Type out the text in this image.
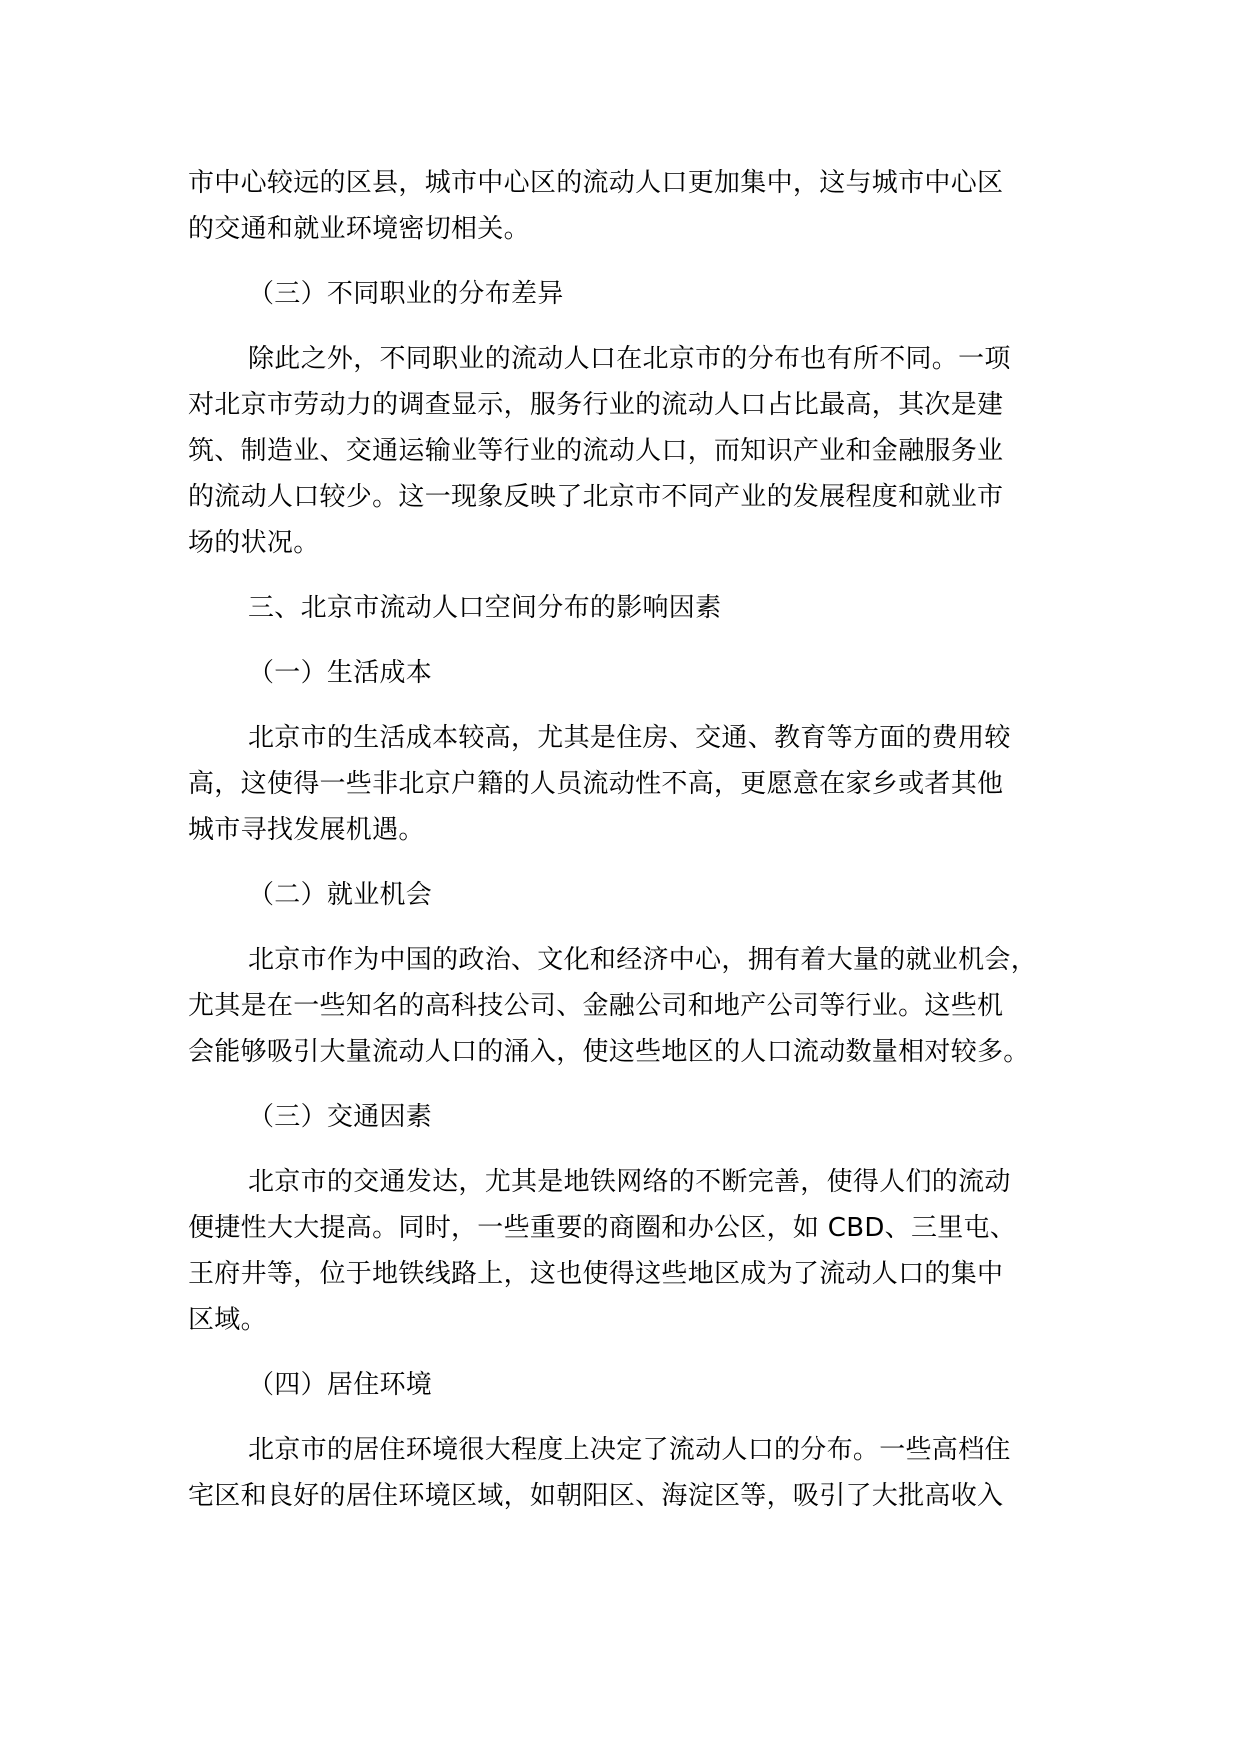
市中心较远的区县，城市中心区的流动人口更加集中，这与城市中心区
的交通和就业环境密切相关。
（三）不同职业的分布差异
除此之外，不同职业的流动人口在北京市的分布也有所不同。一项
对北京市劳动力的调查显示，服务行业的流动人口占比最高，其次是建
筑、制造业、交通运输业等行业的流动人口，而知识产业和金融服务业
的流动人口较少。这一现象反映了北京市不同产业的发展程度和就业市
场的状况。
三、北京市流动人口空间分布的影响因素
（一）生活成本
北京市的生活成本较高，尤其是住房、交通、教育等方面的费用较
高，这使得一些非北京户籍的人员流动性不高，更愿意在家乡或者其他
城市寻找发展机遇。
（二）就业机会
北京市作为中国的政治、文化和经济中心，拥有着大量的就业机会，
尤其是在一些知名的高科技公司、金融公司和地产公司等行业。这些机
会能够吸引大量流动人口的涌入，使这些地区的人口流动数量相对较多。
（三）交通因素
北京市的交通发达，尤其是地铁网络的不断完善，使得人们的流动
便捷性大大提高。同时，一些重要的商圈和办公区，如 CBD、三里屯、
王府井等，位于地铁线路上，这也使得这些地区成为了流动人口的集中
区域。
（四）居住环境
北京市的居住环境很大程度上决定了流动人口的分布。一些高档住
宅区和良好的居住环境区域，如朝阳区、海淀区等，吸引了大批高收入
